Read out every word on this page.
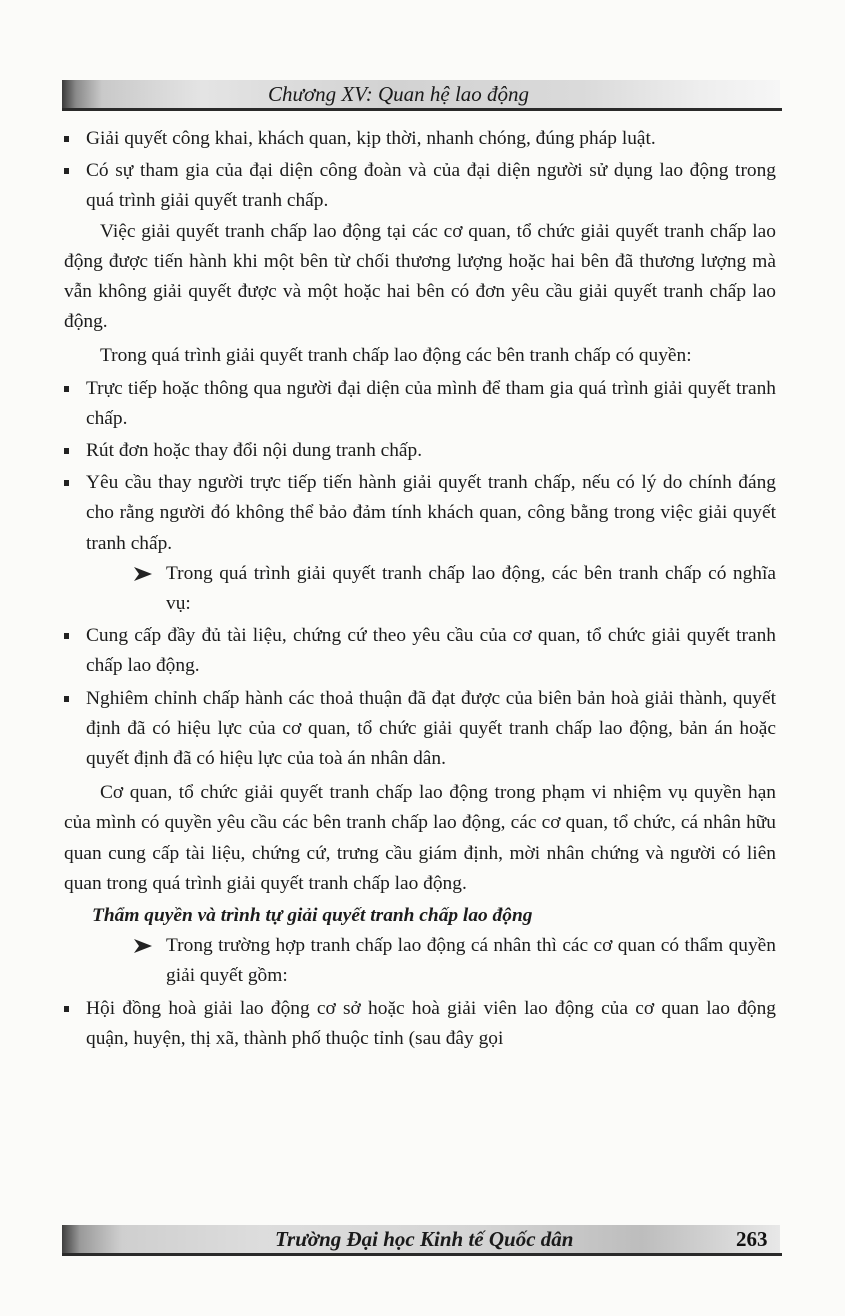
Chương XV: Quan hệ lao động

Giải quyết công khai, khách quan, kịp thời, nhanh chóng, đúng pháp luật.

Có sự tham gia của đại diện công đoàn và của đại diện người sử dụng lao động trong quá trình giải quyết tranh chấp.

Việc giải quyết tranh chấp lao động tại các cơ quan, tổ chức giải quyết tranh chấp lao động được tiến hành khi một bên từ chối thương lượng hoặc hai bên đã thương lượng mà vẫn không giải quyết được và một hoặc hai bên có đơn yêu cầu giải quyết tranh chấp lao động.

Trong quá trình giải quyết tranh chấp lao động các bên tranh chấp có quyền:

Trực tiếp hoặc thông qua người đại diện của mình để tham gia quá trình giải quyết tranh chấp.

Rút đơn hoặc thay đổi nội dung tranh chấp.

Yêu cầu thay người trực tiếp tiến hành giải quyết tranh chấp, nếu có lý do chính đáng cho rằng người đó không thể bảo đảm tính khách quan, công bằng trong việc giải quyết tranh chấp.

Trong quá trình giải quyết tranh chấp lao động, các bên tranh chấp có nghĩa vụ:

Cung cấp đầy đủ tài liệu, chứng cứ theo yêu cầu của cơ quan, tổ chức giải quyết tranh chấp lao động.

Nghiêm chỉnh chấp hành các thoả thuận đã đạt được của biên bản hoà giải thành, quyết định đã có hiệu lực của cơ quan, tổ chức giải quyết tranh chấp lao động, bản án hoặc quyết định đã có hiệu lực của toà án nhân dân.

Cơ quan, tổ chức giải quyết tranh chấp lao động trong phạm vi nhiệm vụ quyền hạn của mình có quyền yêu cầu các bên tranh chấp lao động, các cơ quan, tổ chức, cá nhân hữu quan cung cấp tài liệu, chứng cứ, trưng cầu giám định, mời nhân chứng và người có liên quan trong quá trình giải quyết tranh chấp lao động.

Thẩm quyền và trình tự giải quyết tranh chấp lao động

Trong trường hợp tranh chấp lao động cá nhân thì các cơ quan có thẩm quyền giải quyết gồm:

Hội đồng hoà giải lao động cơ sở hoặc hoà giải viên lao động của cơ quan lao động quận, huyện, thị xã, thành phố thuộc tỉnh (sau đây gọi

Trường Đại học Kinh tế Quốc dân	263
